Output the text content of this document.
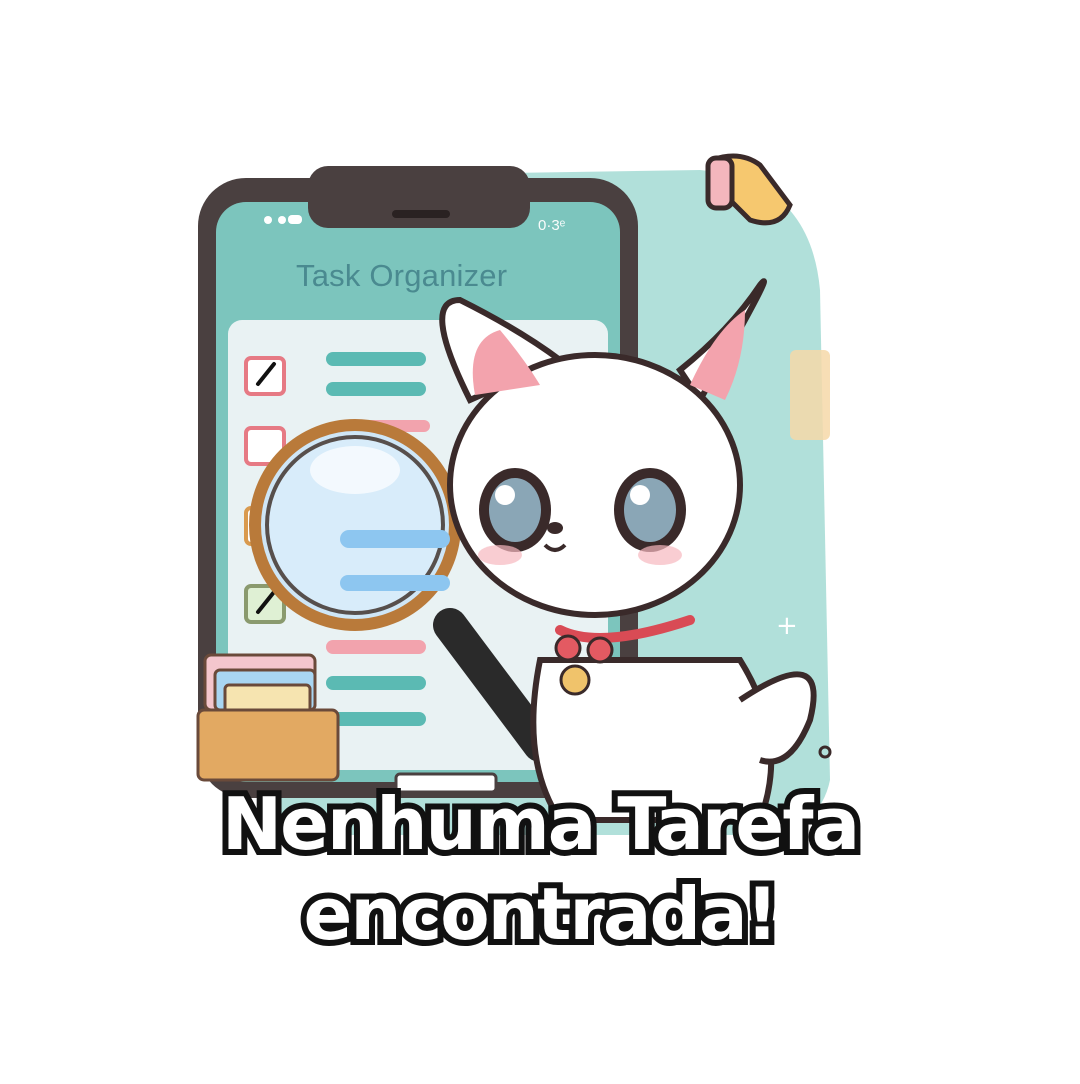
+
0·3ᵉ
Task Organizer
Nenhuma Tarefa
encontrada!
